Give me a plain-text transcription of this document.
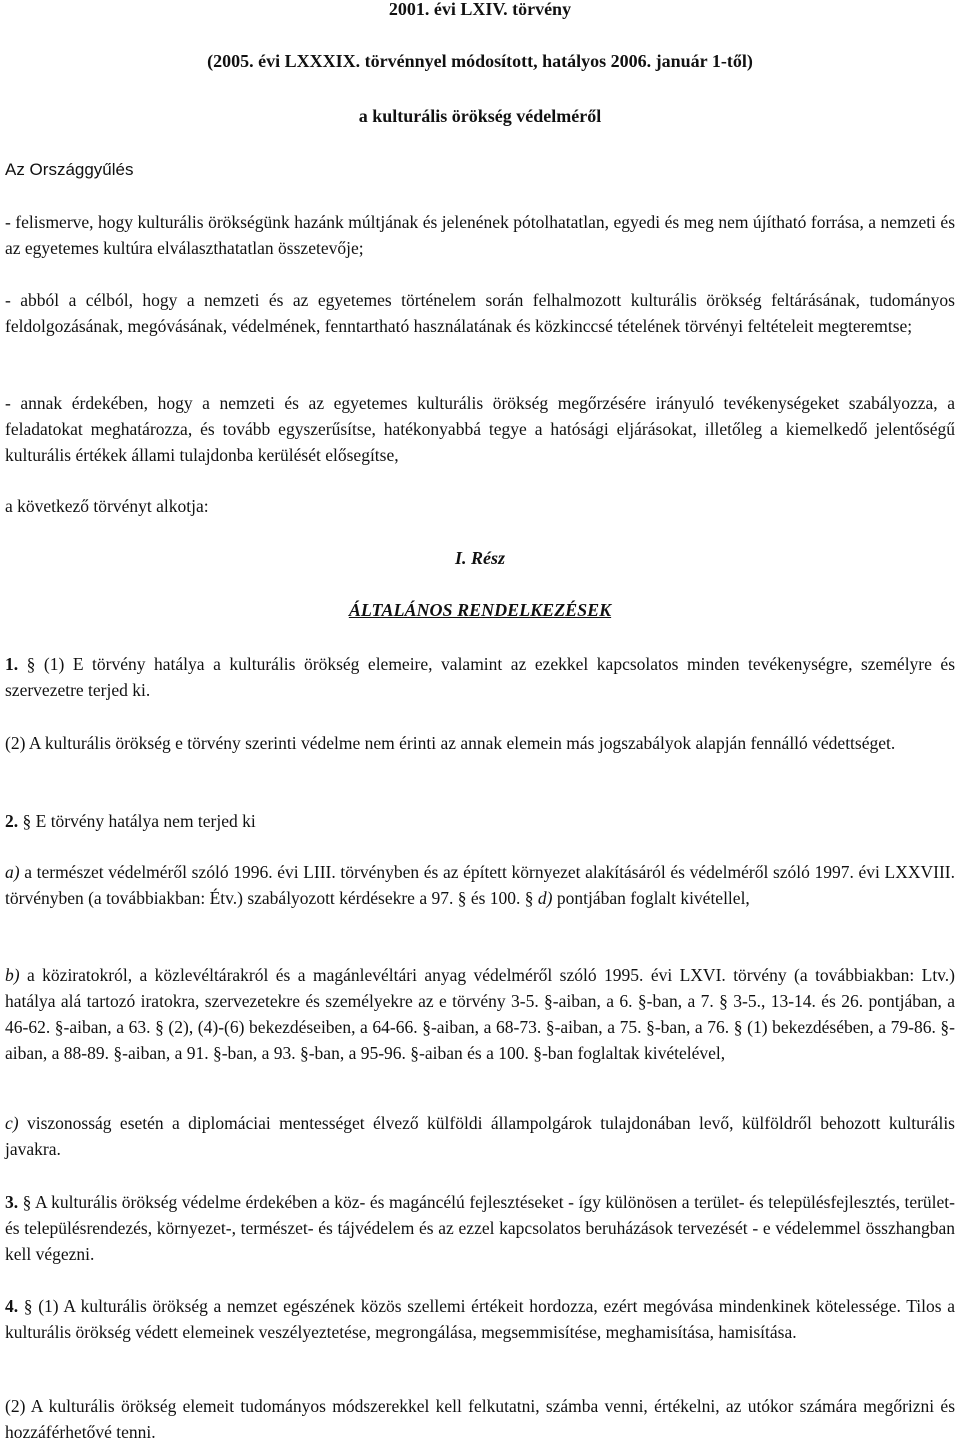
2001. évi LXIV. törvény
(2005. évi LXXXIX. törvénnyel módosított, hatályos 2006. január 1-től)
a kulturális örökség védelméről

Az Országgyűlés

- felismerve, hogy kulturális örökségünk hazánk múltjának és jelenének pótolhatatlan, egyedi és meg nem újítható forrása, a nemzeti és az egyetemes kultúra elválaszthatatlan összetevője;

- abból a célból, hogy a nemzeti és az egyetemes történelem során felhalmozott kulturális örökség feltárásának, tudományos feldolgozásának, megóvásának, védelmének, fenntartható használatának és közkinccsé tételének törvényi feltételeit megteremtse;

- annak érdekében, hogy a nemzeti és az egyetemes kulturális örökség megőrzésére irányuló tevékenységeket szabályozza, a feladatokat meghatározza, és tovább egyszerűsítse, hatékonyabbá tegye a hatósági eljárásokat, illetőleg a kiemelkedő jelentőségű kulturális értékek állami tulajdonba kerülését elősegítse,

a következő törvényt alkotja:

I. Rész
ÁLTALÁNOS RENDELKEZÉSEK

1. § (1) E törvény hatálya a kulturális örökség elemeire, valamint az ezekkel kapcsolatos minden tevékenységre, személyre és szervezetre terjed ki.

(2) A kulturális örökség e törvény szerinti védelme nem érinti az annak elemein más jogszabályok alapján fennálló védettséget.

2. § E törvény hatálya nem terjed ki

a) a természet védelméről szóló 1996. évi LIII. törvényben és az épített környezet alakításáról és védelméről szóló 1997. évi LXXVIII. törvényben (a továbbiakban: Étv.) szabályozott kérdésekre a 97. § és 100. § d) pontjában foglalt kivétellel,

b) a köziratokról, a közlevéltárakról és a magánlevéltári anyag védelméről szóló 1995. évi LXVI. törvény (a továbbiakban: Ltv.) hatálya alá tartozó iratokra, szervezetekre és személyekre az e törvény 3-5. §-aiban, a 6. §-ban, a 7. § 3-5., 13-14. és 26. pontjában, a 46-62. §-aiban, a 63. § (2), (4)-(6) bekezdéseiben, a 64-66. §-aiban, a 68-73. §-aiban, a 75. §-ban, a 76. § (1) bekezdésében, a 79-86. §-aiban, a 88-89. §-aiban, a 91. §-ban, a 93. §-ban, a 95-96. §-aiban és a 100. §-ban foglaltak kivételével,

c) viszonosság esetén a diplomáciai mentességet élvező külföldi állampolgárok tulajdonában levő, külföldről behozott kulturális javakra.

3. § A kulturális örökség védelme érdekében a köz- és magáncélú fejlesztéseket - így különösen a terület- és településfejlesztés, terület- és településrendezés, környezet-, természet- és tájvédelem és az ezzel kapcsolatos beruházások tervezését - e védelemmel összhangban kell végezni.

4. § (1) A kulturális örökség a nemzet egészének közös szellemi értékeit hordozza, ezért megóvása mindenkinek kötelessége. Tilos a kulturális örökség védett elemeinek veszélyeztetése, megrongálása, megsemmisítése, meghamisítása, hamisítása.

(2) A kulturális örökség elemeit tudományos módszerekkel kell felkutatni, számba venni, értékelni, az utókor számára megőrizni és hozzáférhetővé tenni.
